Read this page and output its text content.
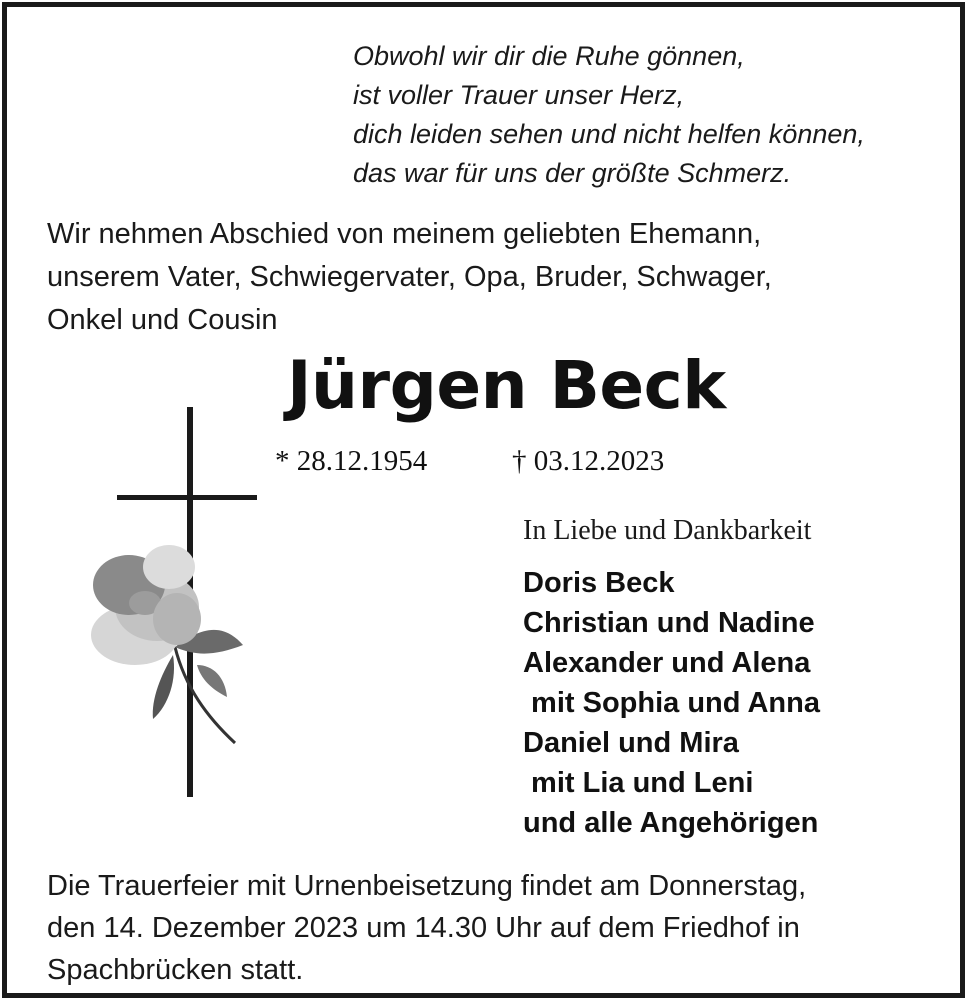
Obwohl wir dir die Ruhe gönnen,
ist voller Trauer unser Herz,
dich leiden sehen und nicht helfen können,
das war für uns der größte Schmerz.
Wir nehmen Abschied von meinem geliebten Ehemann,
unserem Vater, Schwiegervater, Opa, Bruder, Schwager,
Onkel und Cousin
Jürgen Beck
* 28.12.1954	† 03.12.2023
In Liebe und Dankbarkeit
Doris Beck
Christian und Nadine
Alexander und Alena
mit Sophia und Anna
Daniel und Mira
mit Lia und Leni
und alle Angehörigen
Die Trauerfeier mit Urnenbeisetzung findet am Donnerstag,
den 14. Dezember 2023 um 14.30 Uhr auf dem Friedhof in
Spachbrücken statt.
